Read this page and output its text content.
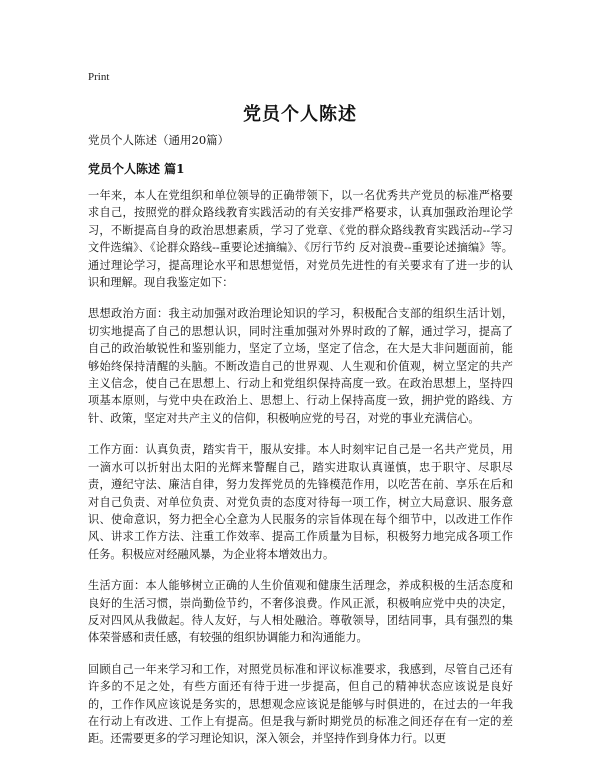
Print
党员个人陈述
党员个人陈述（通用20篇）
党员个人陈述 篇1

一年来，本人在党组织和单位领导的正确带领下，以一名优秀共产党员的标准严格要求自己，按照党的群众路线教育实践活动的有关安排严格要求，认真加强政治理论学习，不断提高自身的政治思想素质，学习了党章、《党的群众路线教育实践活动--学习文件选编》、《论群众路线--重要论述摘编》、《厉行节约 反对浪费--重要论述摘编》等。通过理论学习，提高理论水平和思想觉悟，对党员先进性的有关要求有了进一步的认识和理解。现自我鉴定如下：

思想政治方面：我主动加强对政治理论知识的学习，积极配合支部的组织生活计划，切实地提高了自己的思想认识，同时注重加强对外界时政的了解，通过学习，提高了自己的政治敏锐性和鉴别能力，坚定了立场，坚定了信念，在大是大非问题面前，能够始终保持清醒的头脑。不断改造自己的世界观、人生观和价值观，树立坚定的共产主义信念，使自己在思想上、行动上和党组织保持高度一致。在政治思想上，坚持四项基本原则，与党中央在政治上、思想上、行动上保持高度一致，拥护党的路线、方针、政策，坚定对共产主义的信仰，积极响应党的号召，对党的事业充满信心。

工作方面：认真负责，踏实肯干，服从安排。本人时刻牢记自己是一名共产党员，用一滴水可以折射出太阳的光辉来警醒自己，踏实进取认真谨慎，忠于职守、尽职尽责，遵纪守法、廉洁自律，努力发挥党员的先锋模范作用，以吃苦在前、享乐在后和对自己负责、对单位负责、对党负责的态度对待每一项工作，树立大局意识、服务意识、使命意识，努力把全心全意为人民服务的宗旨体现在每个细节中，以改进工作作风、讲求工作方法、注重工作效率、提高工作质量为目标，积极努力地完成各项工作任务。积极应对经融风暴，为企业将本增效出力。

生活方面：本人能够树立正确的人生价值观和健康生活理念，养成积极的生活态度和良好的生活习惯，崇尚勤俭节约，不奢侈浪费。作风正派，积极响应党中央的决定，反对四风从我做起。待人友好，与人相处融洽。尊敬领导，团结同事，具有强烈的集体荣誉感和责任感，有较强的组织协调能力和沟通能力。

回顾自己一年来学习和工作，对照党员标准和评议标准要求，我感到，尽管自己还有许多的不足之处，有些方面还有待于进一步提高，但自己的精神状态应该说是良好的，工作作风应该说是务实的，思想观念应该说是能够与时俱进的，在过去的一年我在行动上有改进、工作上有提高。但是我与新时期党员的标准之间还存在有一定的差距。还需要更多的学习理论知识，深入领会，并坚持作到身体力行。以更
